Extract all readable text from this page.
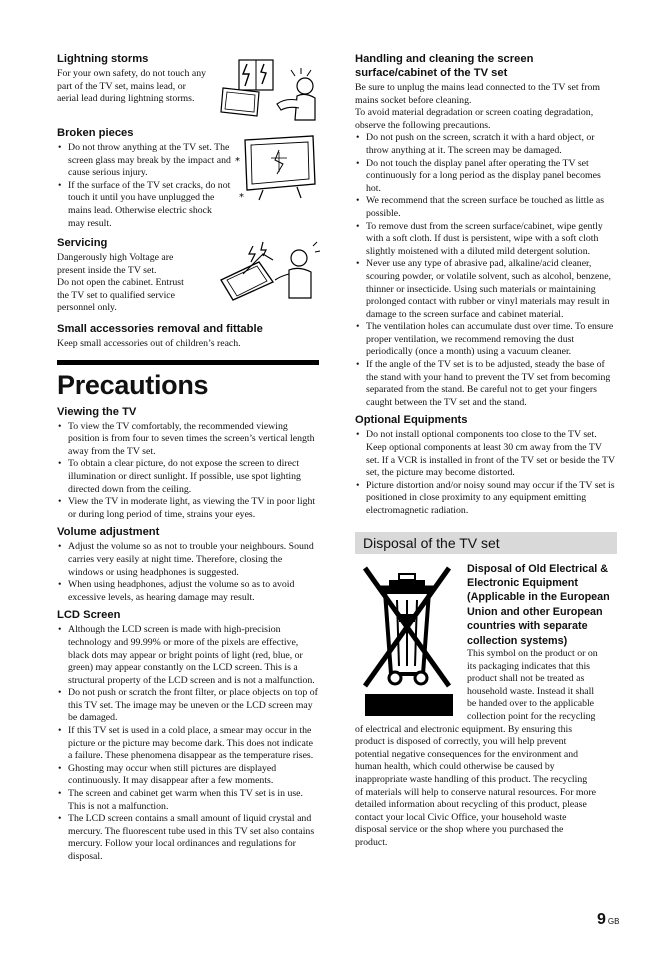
Lightning storms
For your own safety, do not touch any
part of the TV set, mains lead, or
aerial lead during lightning storms.
Broken pieces
• Do not throw anything at the TV set. The screen glass may break by the impact and cause serious injury.
• If the surface of the TV set cracks, do not touch it until you have unplugged the mains lead. Otherwise electric shock may result.
*
*
Servicing
Dangerously high Voltage are
present inside the TV set.
Do not open the cabinet. Entrust
the TV set to qualified service
personnel only.
Small accessories removal and fittable
Keep small accessories out of children’s reach.
Precautions
Viewing the TV
• To view the TV comfortably, the recommended viewing position is from four to seven times the screen’s vertical length away from the TV set.
• To obtain a clear picture, do not expose the screen to direct illumination or direct sunlight. If possible, use spot lighting directed down from the ceiling.
• View the TV in moderate light, as viewing the TV in poor light or during long period of time, strains your eyes.
Volume adjustment
• Adjust the volume so as not to trouble your neighbours. Sound carries very easily at night time. Therefore, closing the windows or using headphones is suggested.
• When using headphones, adjust the volume so as to avoid excessive levels, as hearing damage may result.
LCD Screen
• Although the LCD screen is made with high-precision technology and 99.99% or more of the pixels are effective, black dots may appear or bright points of light (red, blue, or green) may appear constantly on the LCD screen. This is a structural property of the LCD screen and is not a malfunction.
• Do not push or scratch the front filter, or place objects on top of this TV set. The image may be uneven or the LCD screen may be damaged.
• If this TV set is used in a cold place, a smear may occur in the picture or the picture may become dark. This does not indicate a failure. These phenomena disappear as the temperature rises.
• Ghosting may occur when still pictures are displayed continuously. It may disappear after a few moments.
• The screen and cabinet get warm when this TV set is in use. This is not a malfunction.
• The LCD screen contains a small amount of liquid crystal and mercury. The fluorescent tube used in this TV set also contains mercury. Follow your local ordinances and regulations for disposal.
Handling and cleaning the screen surface/cabinet of the TV set
Be sure to unplug the mains lead connected to the TV set from mains socket before cleaning.
To avoid material degradation or screen coating degradation, observe the following precautions.
• Do not push on the screen, scratch it with a hard object, or throw anything at it. The screen may be damaged.
• Do not touch the display panel after operating the TV set continuously for a long period as the display panel becomes hot.
• We recommend that the screen surface be touched as little as possible.
• To remove dust from the screen surface/cabinet, wipe gently with a soft cloth. If dust is persistent, wipe with a soft cloth slightly moistened with a diluted mild detergent solution.
• Never use any type of abrasive pad, alkaline/acid cleaner, scouring powder, or volatile solvent, such as alcohol, benzene, thinner or insecticide. Using such materials or maintaining prolonged contact with rubber or vinyl materials may result in damage to the screen surface and cabinet material.
• The ventilation holes can accumulate dust over time. To ensure proper ventilation, we recommend removing the dust periodically (once a month) using a vacuum cleaner.
• If the angle of the TV set is to be adjusted, steady the base of the stand with your hand to prevent the TV set from becoming separated from the stand. Be careful not to get your fingers caught between the TV set and the stand.
Optional Equipments
• Do not install optional components too close to the TV set. Keep optional components at least 30 cm away from the TV set. If a VCR is installed in front of the TV set or beside the TV set, the picture may become distorted.
• Picture distortion and/or noisy sound may occur if the TV set is positioned in close proximity to any equipment emitting electromagnetic radiation.
Disposal of the TV set
Disposal of Old Electrical &
Electronic Equipment
(Applicable in the European
Union and other European
countries with separate
collection systems)
This symbol on the product or on
its packaging indicates that this
product shall not be treated as
household waste. Instead it shall
be handed over to the applicable
collection point for the recycling
of electrical and electronic equipment. By ensuring this
product is disposed of correctly, you will help prevent
potential negative consequences for the environment and
human health, which could otherwise be caused by
inappropriate waste handling of this product. The recycling
of materials will help to conserve natural resources. For more
detailed information about recycling of this product, please
contact your local Civic Office, your household waste
disposal service or the shop where you purchased the
product.
9 GB
